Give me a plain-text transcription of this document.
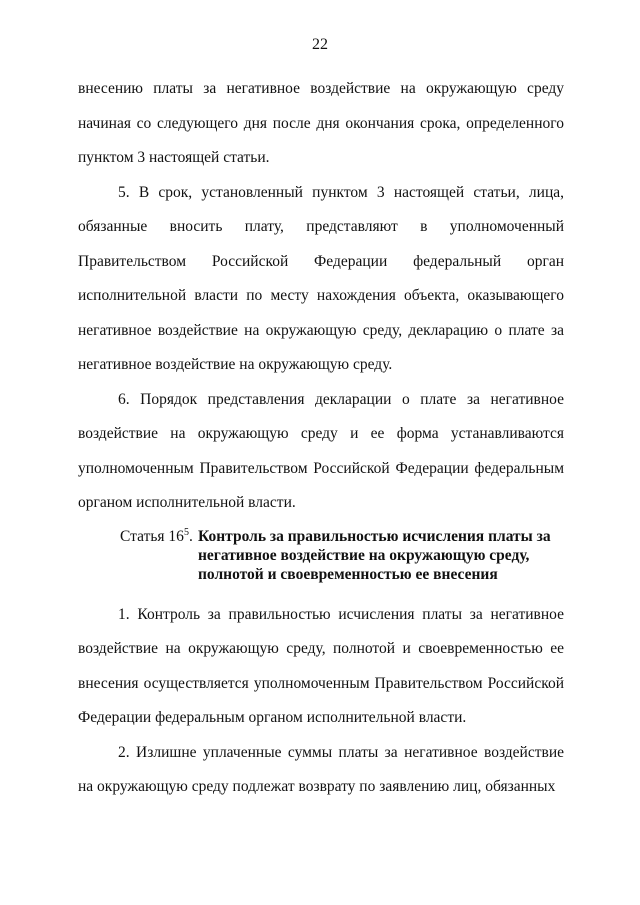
22

внесению платы за негативное воздействие на окружающую среду начиная со следующего дня после дня окончания срока, определенного пунктом 3 настоящей статьи.

5. В срок, установленный пунктом 3 настоящей статьи, лица, обязанные вносить плату, представляют в уполномоченный Правительством Российской Федерации федеральный орган исполнительной власти по месту нахождения объекта, оказывающего негативное воздействие на окружающую среду, декларацию о плате за негативное воздействие на окружающую среду.

6. Порядок представления декларации о плате за негативное воздействие на окружающую среду и ее форма устанавливаются уполномоченным Правительством Российской Федерации федеральным органом исполнительной власти.

Статья $16^5$. Контроль за правильностью исчисления платы за
негативное воздействие на окружающую среду,
полнотой и своевременностью ее внесения

1. Контроль за правильностью исчисления платы за негативное воздействие на окружающую среду, полнотой и своевременностью ее внесения осуществляется уполномоченным Правительством Российской Федерации федеральным органом исполнительной власти.

2. Излишне уплаченные суммы платы за негативное воздействие на окружающую среду подлежат возврату по заявлению лиц, обязанных
